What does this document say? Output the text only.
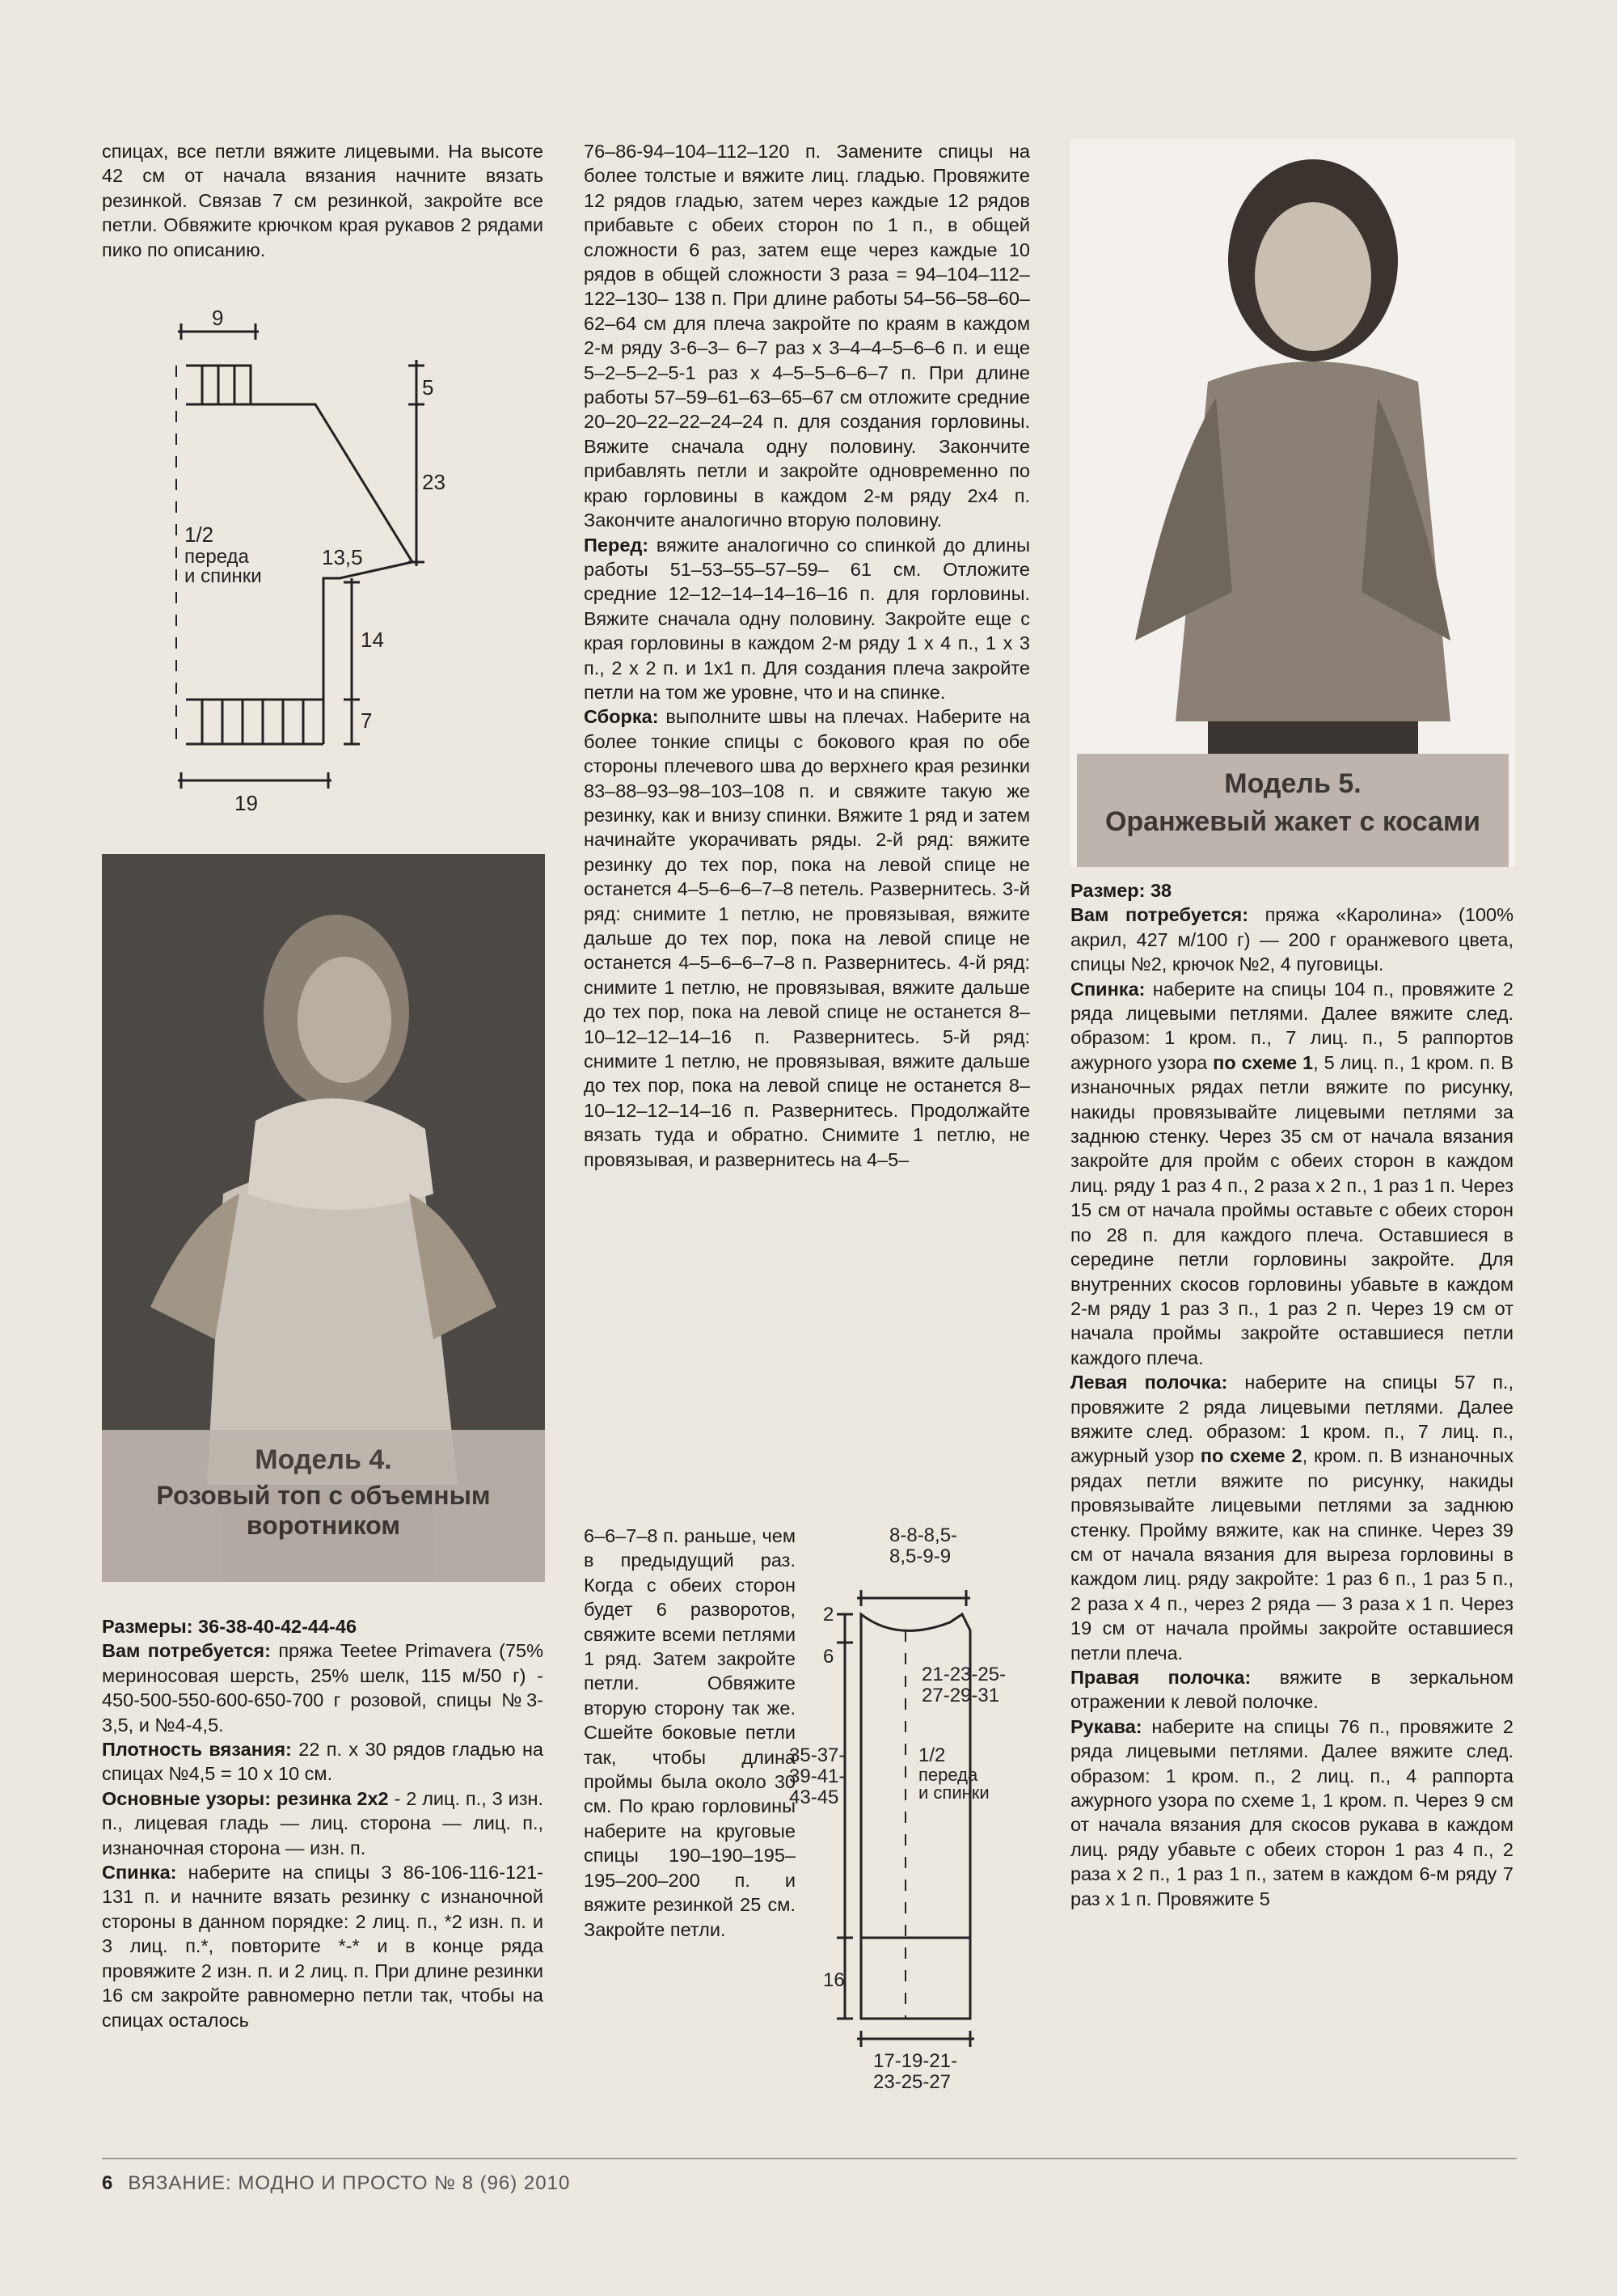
спицах, все петли вяжите лицевыми. На высоте 42 см от начала вязания начните вязать резинкой. Связав 7 см резинкой, закройте все петли. Обвяжите крючком края рукавов 2 рядами пико по описанию.

9
5
23
13,5
14
7
19
1/2
переда
и спинки
Модель 4.
Розовый топ с объемным
воротником

Размеры: 36-38-40-42-44-46

Вам потребуется: пряжа Teetee Primavera (75% мериносовая шерсть, 25% шелк, 115 м/50 г) - 450-500-550-600-650-700 г розовой, спицы №3-3,5, и №4-4,5.

Плотность вязания: 22 п. х 30 рядов гладью на спицах №4,5 = 10 х 10 см.

Основные узоры: резинка 2х2 - 2 лиц. п., 3 изн. п., лицевая гладь — лиц. сторона — лиц. п., изнаночная сторона — изн. п.

Спинка: наберите на спицы 3 86-106-116-121-131 п. и начните вязать резинку с изнаночной стороны в данном порядке: 2 лиц. п., *2 изн. п. и 3 лиц. п.*, повторите *-* и в конце ряда провяжите 2 изн. п. и 2 лиц. п. При длине резинки 16 см закройте равномерно петли так, чтобы на спицах осталось

76–86-94–104–112–120 п. Замените спицы на более толстые и вяжите лиц. гладью. Провяжите 12 рядов гладью, затем через каждые 12 рядов прибавьте с обеих сторон по 1 п., в общей сложности 6 раз, затем еще через каждые 10 рядов в общей сложности 3 раза = 94–104–112–122–130– 138 п. При длине работы 54–56–58–60–62–64 см для плеча закройте по краям в каждом 2-м ряду 3-6–3– 6–7 раз х 3–4–4–5–6–6 п. и еще 5–2–5–2–5-1 раз х 4–5–5–6–6–7 п. При длине работы 57–59–61–63–65–67 см отложите средние 20–20–22–22–24–24 п. для создания горловины. Вяжите сначала одну половину. Закончите прибавлять петли и закройте одновременно по краю горловины в каждом 2-м ряду 2х4 п. Закончите аналогично вторую половину.

Перед: вяжите аналогично со спинкой до длины работы 51–53–55–57–59– 61 см. Отложите средние 12–12–14–14–16–16 п. для горловины. Вяжите сначала одну половину. Закройте еще с края горловины в каждом 2-м ряду 1 х 4 п., 1 х 3 п., 2 х 2 п. и 1х1 п. Для создания плеча закройте петли на том же уровне, что и на спинке.

Сборка: выполните швы на плечах. Наберите на более тонкие спицы с бокового края по обе стороны плечевого шва до верхнего края резинки 83–88–93–98–103–108 п. и свяжите такую же резинку, как и внизу спинки. Вяжите 1 ряд и затем начинайте укорачивать ряды. 2-й ряд: вяжите резинку до тех пор, пока на левой спице не останется 4–5–6–6–7–8 петель. Развернитесь. 3-й ряд: снимите 1 петлю, не провязывая, вяжите дальше до тех пор, пока на левой спице не останется 4–5–6–6–7–8 п. Развернитесь. 4-й ряд: снимите 1 петлю, не провязывая, вяжите дальше до тех пор, пока на левой спице не останется 8–10–12–12–14–16 п. Развернитесь. 5-й ряд: снимите 1 петлю, не провязывая, вяжите дальше до тех пор, пока на левой спице не останется 8–10–12–12–14–16 п. Развернитесь. Продолжайте вязать туда и обратно. Снимите 1 петлю, не провязывая, и развернитесь на 4–5–

6–6–7–8 п. раньше, чем в предыдущий раз. Когда с обеих сторон будет 6 разворотов, свяжите всеми петлями 1 ряд. Затем закройте петли. Обвяжите вторую сторону так же. Сшейте боковые петли так, чтобы длина проймы была около 30 см. По краю горловины наберите на круговые спицы 190–190–195–195–200–200 п. и вяжите резинкой 25 см. Закройте петли.
8-8-8,5-
8,5-9-9
2
6
21-23-25-
27-29-31
35-37-
39-41-
43-45
1/2
переда
и спинки
16
17-19-21-
23-25-27
Модель 5.
Оранжевый жакет с косами

Размер: 38

Вам потребуется: пряжа «Каролина» (100% акрил, 427 м/100 г) — 200 г оранжевого цвета, спицы №2, крючок №2, 4 пуговицы.

Спинка: наберите на спицы 104 п., провяжите 2 ряда лицевыми петлями. Далее вяжите след. образом: 1 кром. п., 7 лиц. п., 5 раппортов ажурного узора по схеме 1, 5 лиц. п., 1 кром. п. В изнаночных рядах петли вяжите по рисунку, накиды провязывайте лицевыми петлями за заднюю стенку. Через 35 см от начала вязания закройте для пройм с обеих сторон в каждом лиц. ряду 1 раз 4 п., 2 раза х 2 п., 1 раз 1 п. Через 15 см от начала проймы оставьте с обеих сторон по 28 п. для каждого плеча. Оставшиеся в середине петли горловины закройте. Для внутренних скосов горловины убавьте в каждом 2-м ряду 1 раз 3 п., 1 раз 2 п. Через 19 см от начала проймы закройте оставшиеся петли каждого плеча.

Левая полочка: наберите на спицы 57 п., провяжите 2 ряда лицевыми петлями. Далее вяжите след. образом: 1 кром. п., 7 лиц. п., ажурный узор по схеме 2, кром. п. В изнаночных рядах петли вяжите по рисунку, накиды провязывайте лицевыми петлями за заднюю стенку. Пройму вяжите, как на спинке. Через 39 см от начала вязания для выреза горловины в каждом лиц. ряду закройте: 1 раз 6 п., 1 раз 5 п., 2 раза х 4 п., через 2 ряда — 3 раза х 1 п. Через 19 см от начала проймы закройте оставшиеся петли плеча.

Правая полочка: вяжите в зеркальном отражении к левой полочке.

Рукава: наберите на спицы 76 п., провяжите 2 ряда лицевыми петлями. Далее вяжите след. образом: 1 кром. п., 2 лиц. п., 4 раппорта ажурного узора по схеме 1, 1 кром. п. Через 9 см от начала вязания для скосов рукава в каждом лиц. ряду убавьте с обеих сторон 1 раз 4 п., 2 раза х 2 п., 1 раз 1 п., затем в каждом 6-м ряду 7 раз х 1 п. Провяжите 5

6 ВЯЗАНИЕ: МОДНО И ПРОСТО № 8 (96) 2010
